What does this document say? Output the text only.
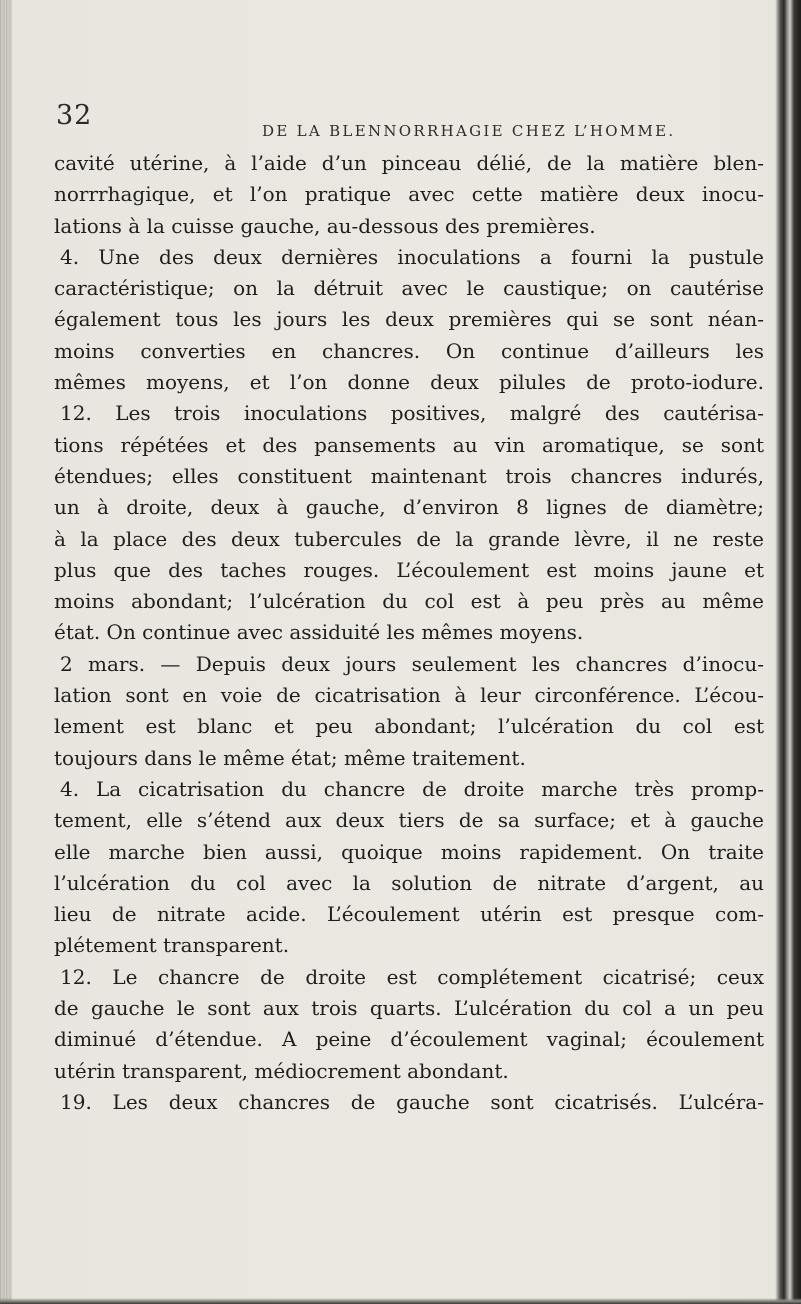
32	DE LA BLENNORRHAGIE CHEZ L’HOMME.
cavité utérine, à l’aide d’un pinceau délié, de la matière blen-
norrrhagique, et l’on pratique avec cette matière deux inocu-
lations à la cuisse gauche, au-dessous des premières.
4. Une des deux dernières inoculations a fourni la pustule
caractéristique; on la détruit avec le caustique; on cautérise
également tous les jours les deux premières qui se sont néan-
moins converties en chancres. On continue d’ailleurs les
mêmes moyens, et l’on donne deux pilules de proto-iodure.
12. Les trois inoculations positives, malgré des cautérisa-
tions répétées et des pansements au vin aromatique, se sont
étendues; elles constituent maintenant trois chancres indurés,
un à droite, deux à gauche, d’environ 8 lignes de diamètre;
à la place des deux tubercules de la grande lèvre, il ne reste
plus que des taches rouges. L’écoulement est moins jaune et
moins abondant; l’ulcération du col est à peu près au même
état. On continue avec assiduité les mêmes moyens.
2 mars. — Depuis deux jours seulement les chancres d’inocu-
lation sont en voie de cicatrisation à leur circonférence. L’écou-
lement est blanc et peu abondant; l’ulcération du col est
toujours dans le même état; même traitement.
4. La cicatrisation du chancre de droite marche très promp-
tement, elle s’étend aux deux tiers de sa surface; et à gauche
elle marche bien aussi, quoique moins rapidement. On traite
l’ulcération du col avec la solution de nitrate d’argent, au
lieu de nitrate acide. L’écoulement utérin est presque com-
plétement transparent.
12. Le chancre de droite est complétement cicatrisé; ceux
de gauche le sont aux trois quarts. L’ulcération du col a un peu
diminué d’étendue. A peine d’écoulement vaginal; écoulement
utérin transparent, médiocrement abondant.
19. Les deux chancres de gauche sont cicatrisés. L’ulcéra-
